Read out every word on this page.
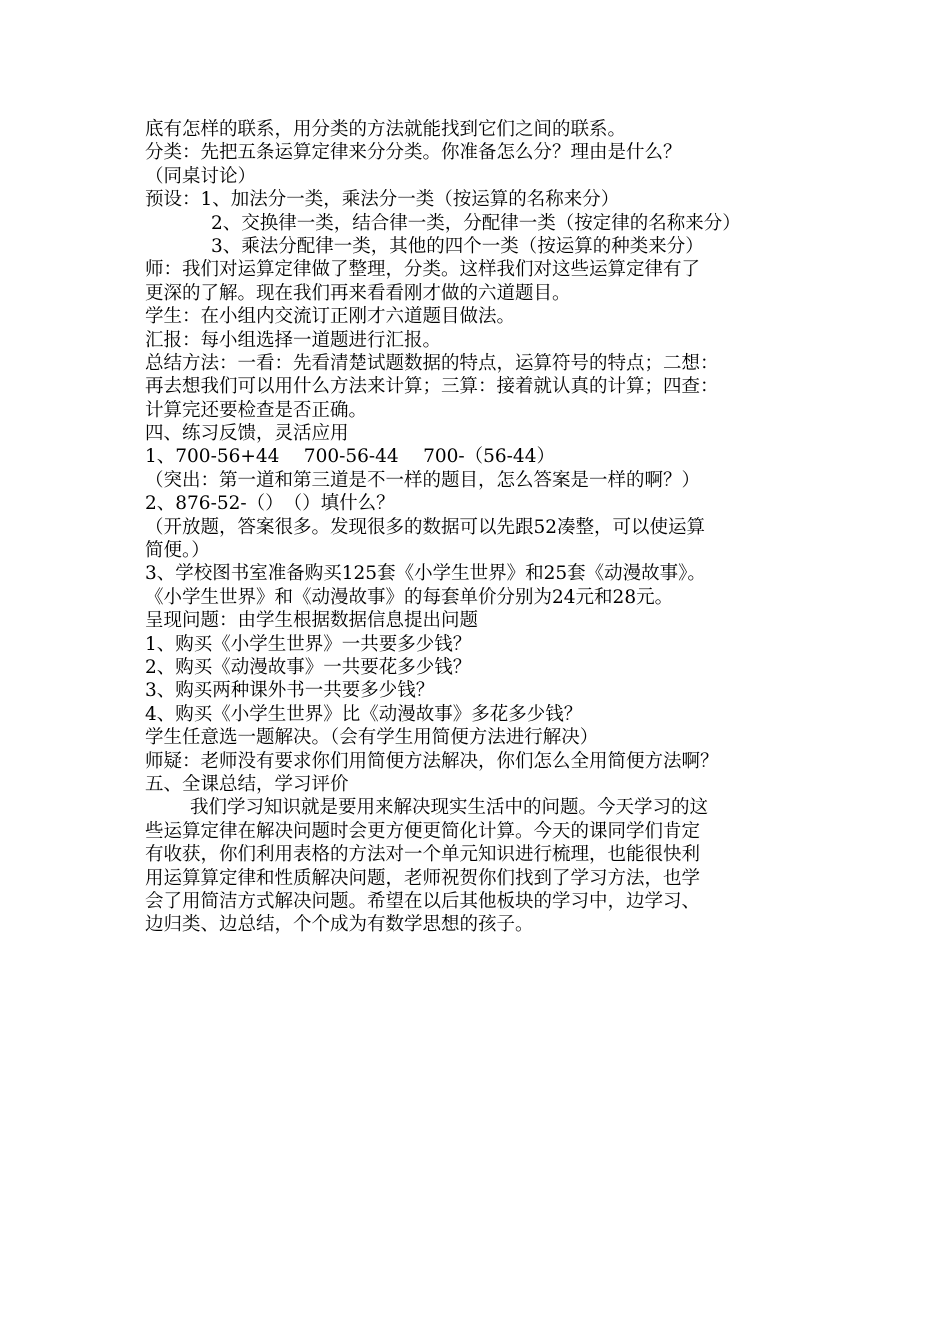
底有怎样的联系，用分类的方法就能找到它们之间的联系。
分类：先把五条运算定律来分分类。你准备怎么分？理由是什么？
（同桌讨论）
预设：1、加法分一类，乘法分一类（按运算的名称来分）
2、交换律一类，结合律一类，分配律一类（按定律的名称来分）
3、乘法分配律一类，其他的四个一类（按运算的种类来分）
师：我们对运算定律做了整理，分类。这样我们对这些运算定律有了
更深的了解。现在我们再来看看刚才做的六道题目。
学生：在小组内交流订正刚才六道题目做法。
汇报：每小组选择一道题进行汇报。
总结方法：一看：先看清楚试题数据的特点，运算符号的特点；二想：
再去想我们可以用什么方法来计算；三算：接着就认真的计算；四查：
计算完还要检查是否正确。
四、练习反馈，灵活应用
1、700-56+44　 700-56-44　 700-（56-44）
（突出：第一道和第三道是不一样的题目，怎么答案是一样的啊？）
2、876-52-（）　（）填什么？
（开放题，答案很多。发现很多的数据可以先跟52凑整，可以使运算
简便。）
3、学校图书室准备购买125套《小学生世界》和25套《动漫故事》。
《小学生世界》和《动漫故事》的每套单价分别为24元和28元。
呈现问题：由学生根据数据信息提出问题
1、购买《小学生世界》一共要多少钱？
2、购买《动漫故事》一共要花多少钱？
3、购买两种课外书一共要多少钱？
4、购买《小学生世界》比《动漫故事》多花多少钱？
学生任意选一题解决。（会有学生用简便方法进行解决）
师疑：老师没有要求你们用简便方法解决，你们怎么全用简便方法啊？
五、全课总结，学习评价
我们学习知识就是要用来解决现实生活中的问题。今天学习的这
些运算定律在解决问题时会更方便更简化计算。今天的课同学们肯定
有收获，你们利用表格的方法对一个单元知识进行梳理，也能很快利
用运算算定律和性质解决问题，老师祝贺你们找到了学习方法，也学
会了用简洁方式解决问题。希望在以后其他板块的学习中，边学习、
边归类、边总结，个个成为有数学思想的孩子。
